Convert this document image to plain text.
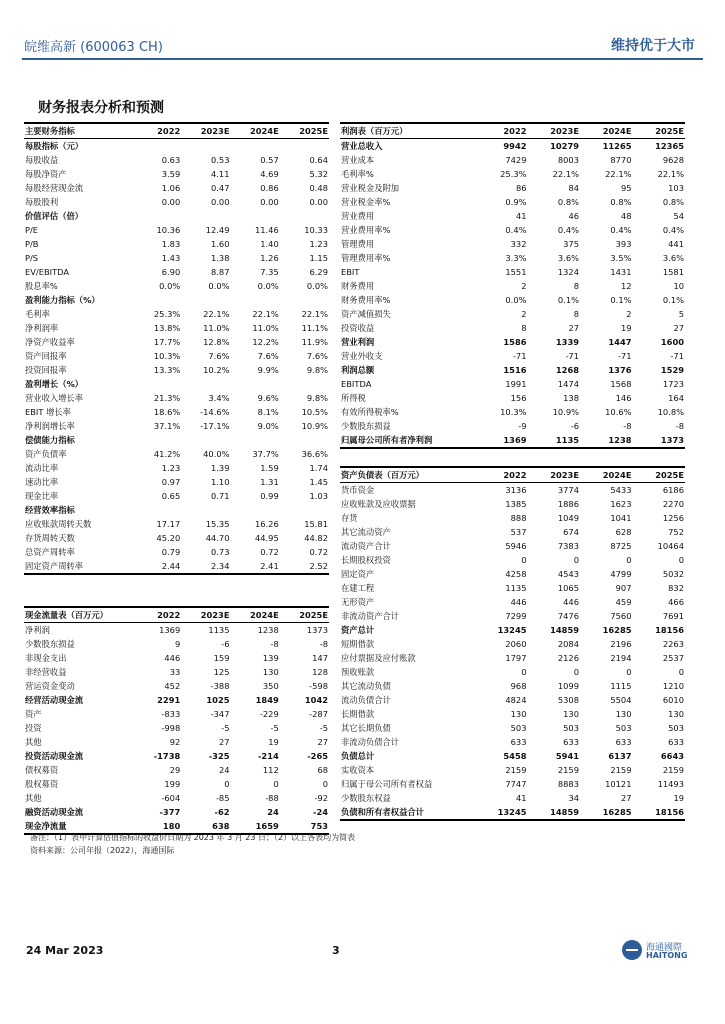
皖维高新 (600063 CH)	维持优于大市
财务报表分析和预测
主要财务指标	2022	2023E	2024E	2025E
每股指标（元）				
每股收益	0.63	0.53	0.57	0.64
每股净资产	3.59	4.11	4.69	5.32
每股经营现金流	1.06	0.47	0.86	0.48
每股股利	0.00	0.00	0.00	0.00
价值评估（倍）				
P/E	10.36	12.49	11.46	10.33
P/B	1.83	1.60	1.40	1.23
P/S	1.43	1.38	1.26	1.15
EV/EBITDA	6.90	8.87	7.35	6.29
股息率%	0.0%	0.0%	0.0%	0.0%
盈利能力指标（%）				
毛利率	25.3%	22.1%	22.1%	22.1%
净利润率	13.8%	11.0%	11.0%	11.1%
净资产收益率	17.7%	12.8%	12.2%	11.9%
资产回报率	10.3%	7.6%	7.6%	7.6%
投资回报率	13.3%	10.2%	9.9%	9.8%
盈利增长（%）				
营业收入增长率	21.3%	3.4%	9.6%	9.8%
EBIT 增长率	18.6%	-14.6%	8.1%	10.5%
净利润增长率	37.1%	-17.1%	9.0%	10.9%
偿债能力指标				
资产负债率	41.2%	40.0%	37.7%	36.6%
流动比率	1.23	1.39	1.59	1.74
速动比率	0.97	1.10	1.31	1.45
现金比率	0.65	0.71	0.99	1.03
经营效率指标				
应收账款周转天数	17.17	15.35	16.26	15.81
存货周转天数	45.20	44.70	44.95	44.82
总资产周转率	0.79	0.73	0.72	0.72
固定资产周转率	2.44	2.34	2.41	2.52
利润表（百万元）	2022	2023E	2024E	2025E
营业总收入	9942	10279	11265	12365
营业成本	7429	8003	8770	9628
毛利率%	25.3%	22.1%	22.1%	22.1%
营业税金及附加	86	84	95	103
营业税金率%	0.9%	0.8%	0.8%	0.8%
营业费用	41	46	48	54
营业费用率%	0.4%	0.4%	0.4%	0.4%
管理费用	332	375	393	441
管理费用率%	3.3%	3.6%	3.5%	3.6%
EBIT	1551	1324	1431	1581
财务费用	2	8	12	10
财务费用率%	0.0%	0.1%	0.1%	0.1%
资产减值损失	2	8	2	5
投资收益	8	27	19	27
营业利润	1586	1339	1447	1600
营业外收支	-71	-71	-71	-71
利润总额	1516	1268	1376	1529
EBITDA	1991	1474	1568	1723
所得税	156	138	146	164
有效所得税率%	10.3%	10.9%	10.6%	10.8%
少数股东损益	-9	-6	-8	-8
归属母公司所有者净利润	1369	1135	1238	1373
资产负债表（百万元）	2022	2023E	2024E	2025E
货币资金	3136	3774	5433	6186
应收账款及应收票据	1385	1886	1623	2270
存货	888	1049	1041	1256
其它流动资产	537	674	628	752
流动资产合计	5946	7383	8725	10464
长期股权投资	0	0	0	0
固定资产	4258	4543	4799	5032
在建工程	1135	1065	907	832
无形资产	446	446	459	466
非流动资产合计	7299	7476	7560	7691
资产总计	13245	14859	16285	18156
短期借款	2060	2084	2196	2263
应付票据及应付账款	1797	2126	2194	2537
预收账款	0	0	0	0
其它流动负债	968	1099	1115	1210
流动负债合计	4824	5308	5504	6010
长期借款	130	130	130	130
其它长期负债	503	503	503	503
非流动负债合计	633	633	633	633
负债总计	5458	5941	6137	6643
实收资本	2159	2159	2159	2159
归属于母公司所有者权益	7747	8883	10121	11493
少数股东权益	41	34	27	19
负债和所有者权益合计	13245	14859	16285	18156
现金流量表（百万元）	2022	2023E	2024E	2025E
净利润	1369	1135	1238	1373
少数股东损益	9	-6	-8	-8
非现金支出	446	159	139	147
非经营收益	33	125	130	128
营运资金变动	452	-388	350	-598
经营活动现金流	2291	1025	1849	1042
资产	-833	-347	-229	-287
投资	-998	-5	-5	-5
其他	92	27	19	27
投资活动现金流	-1738	-325	-214	-265
债权募资	29	24	112	68
股权募资	199	0	0	0
其他	-604	-85	-88	-92
融资活动现金流	-377	-62	24	-24
现金净流量	180	638	1659	753
备注：（1）表中计算估值指标的收盘价日期为 2023 年 3 月 23 日；（2）以上各表均为简表
资料来源：公司年报（2022），海通国际
24 Mar 2023	3	海通國際
HAITONG
